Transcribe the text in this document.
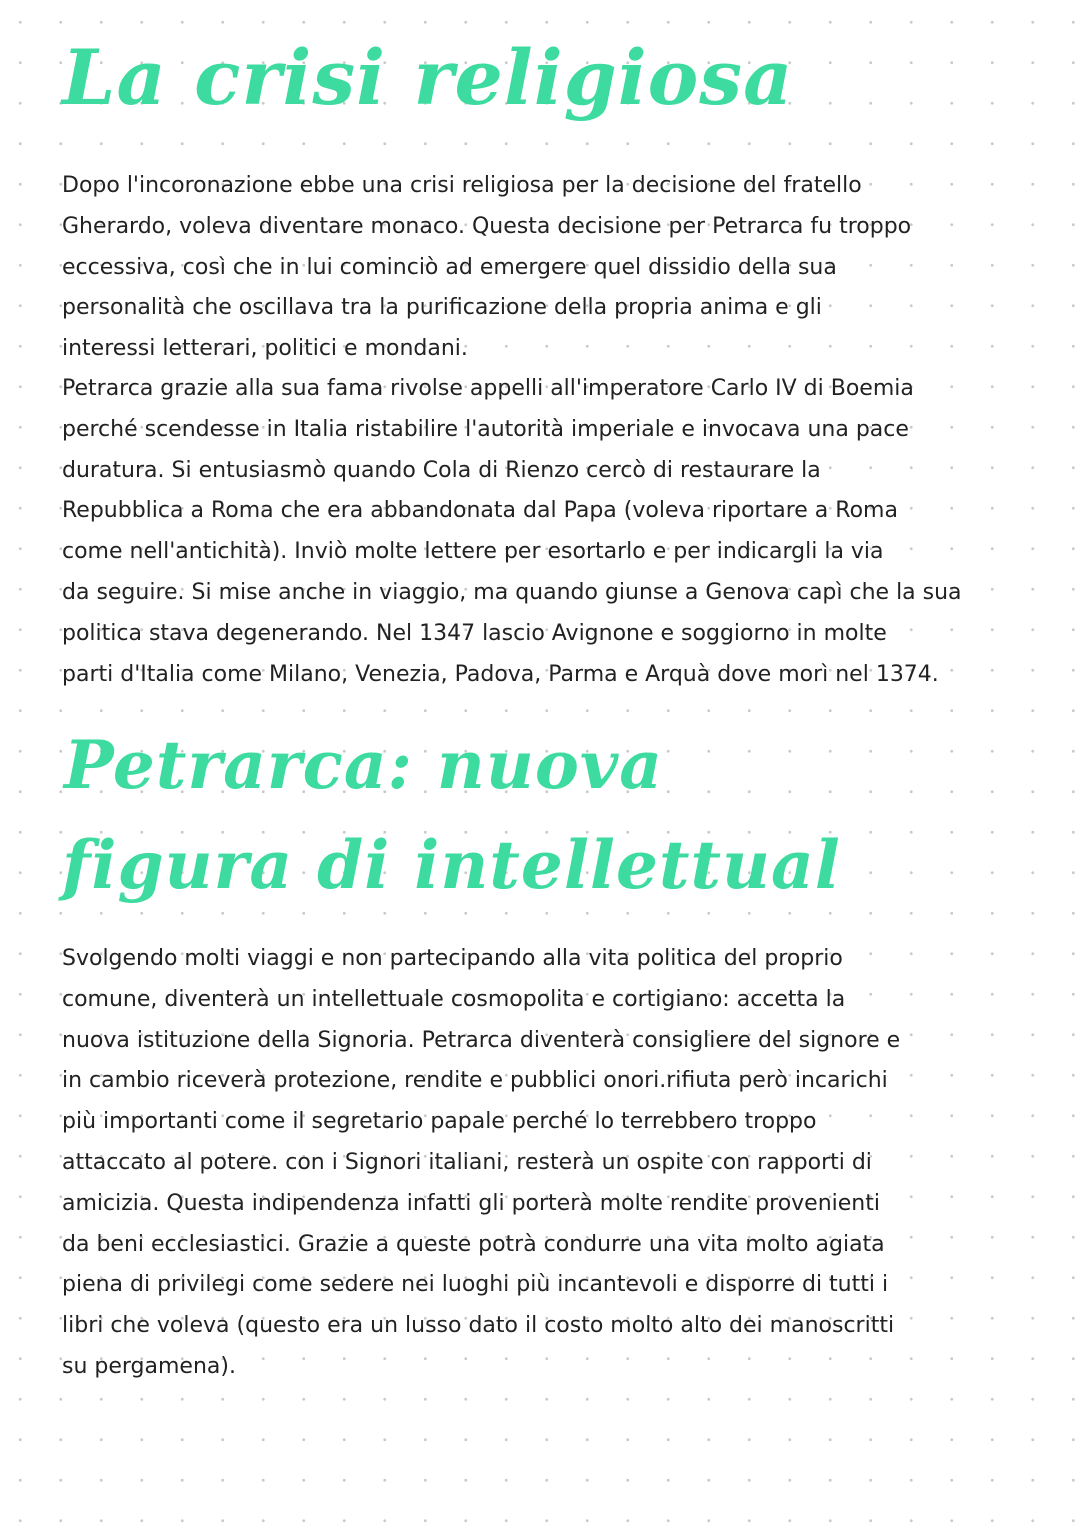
La crisi religiosa
Dopo l'incoronazione ebbe una crisi religiosa per la decisione del fratello
Gherardo, voleva diventare monaco. Questa decisione per Petrarca fu troppo
eccessiva, così che in lui cominciò ad emergere quel dissidio della sua
personalità che oscillava tra la purificazione della propria anima e gli
interessi letterari, politici e mondani.
Petrarca grazie alla sua fama rivolse appelli all'imperatore Carlo IV di Boemia
perché scendesse in Italia ristabilire l'autorità imperiale e invocava una pace
duratura. Si entusiasmò quando Cola di Rienzo cercò di restaurare la
Repubblica a Roma che era abbandonata dal Papa (voleva riportare a Roma
come nell'antichità). Inviò molte lettere per esortarlo e per indicargli la via
da seguire. Si mise anche in viaggio, ma quando giunse a Genova capì che la sua
politica stava degenerando. Nel 1347 lascio Avignone e soggiorno in molte
parti d'Italia come Milano, Venezia, Padova, Parma e Arquà dove morì nel 1374.
Petrarca: nuova
figura di intellettual
Svolgendo molti viaggi e non partecipando alla vita politica del proprio
comune, diventerà un intellettuale cosmopolita e cortigiano: accetta la
nuova istituzione della Signoria. Petrarca diventerà consigliere del signore e
in cambio riceverà protezione, rendite e pubblici onori.rifiuta però incarichi
più importanti come il segretario papale perché lo terrebbero troppo
attaccato al potere. con i Signori italiani, resterà un ospite con rapporti di
amicizia. Questa indipendenza infatti gli porterà molte rendite provenienti
da beni ecclesiastici. Grazie a queste potrà condurre una vita molto agiata
piena di privilegi come sedere nei luoghi più incantevoli e disporre di tutti i
libri che voleva (questo era un lusso dato il costo molto alto dei manoscritti
su pergamena).
